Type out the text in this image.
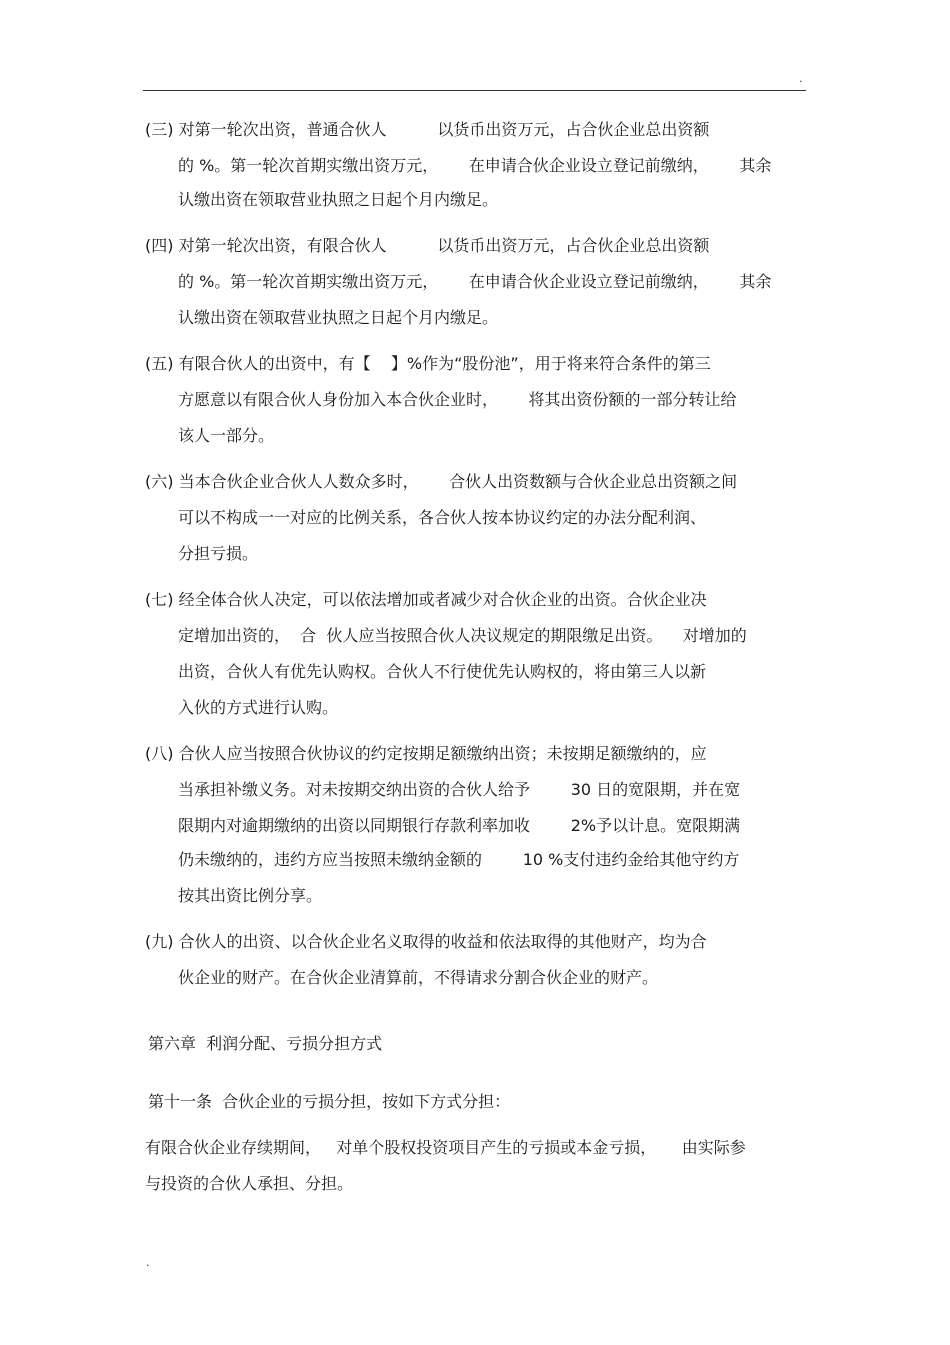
.

(三) 对第一轮次出资，普通合伙人          以货币出资万元，占合伙企业总出资额

的 %。第一轮次首期实缴出资万元，      在申请合伙企业设立登记前缴纳，      其余

认缴出资在领取营业执照之日起个月内缴足。

(四) 对第一轮次出资，有限合伙人          以货币出资万元，占合伙企业总出资额

的 %。第一轮次首期实缴出资万元，      在申请合伙企业设立登记前缴纳，      其余

认缴出资在领取营业执照之日起个月内缴足。

(五) 有限合伙人的出资中，有【    】%作为“股份池”，用于将来符合条件的第三

方愿意以有限合伙人身份加入本合伙企业时，      将其出资份额的一部分转让给

该人一部分。

(六) 当本合伙企业合伙人人数众多时，      合伙人出资数额与合伙企业总出资额之间

可以不构成一一对应的比例关系，各合伙人按本协议约定的办法分配利润、

分担亏损。

(七) 经全体合伙人决定，可以依法增加或者减少对合伙企业的出资。合伙企业决

定增加出资的，  合  伙人应当按照合伙人决议规定的期限缴足出资。    对增加的

出资，合伙人有优先认购权。合伙人不行使优先认购权的，将由第三人以新

入伙的方式进行认购。

(八) 合伙人应当按照合伙协议的约定按期足额缴纳出资；未按期足额缴纳的，应

当承担补缴义务。对未按期交纳出资的合伙人给予        30 日的宽限期，并在宽

限期内对逾期缴纳的出资以同期银行存款利率加收        2%予以计息。宽限期满

仍未缴纳的，违约方应当按照未缴纳金额的        10 %支付违约金给其他守约方

按其出资比例分享。

(九) 合伙人的出资、以合伙企业名义取得的收益和依法取得的其他财产，均为合

伙企业的财产。在合伙企业清算前，不得请求分割合伙企业的财产。

第六章  利润分配、亏损分担方式

第十一条  合伙企业的亏损分担，按如下方式分担：

有限合伙企业存续期间，   对单个股权投资项目产生的亏损或本金亏损，     由实际参

与投资的合伙人承担、分担。

.
